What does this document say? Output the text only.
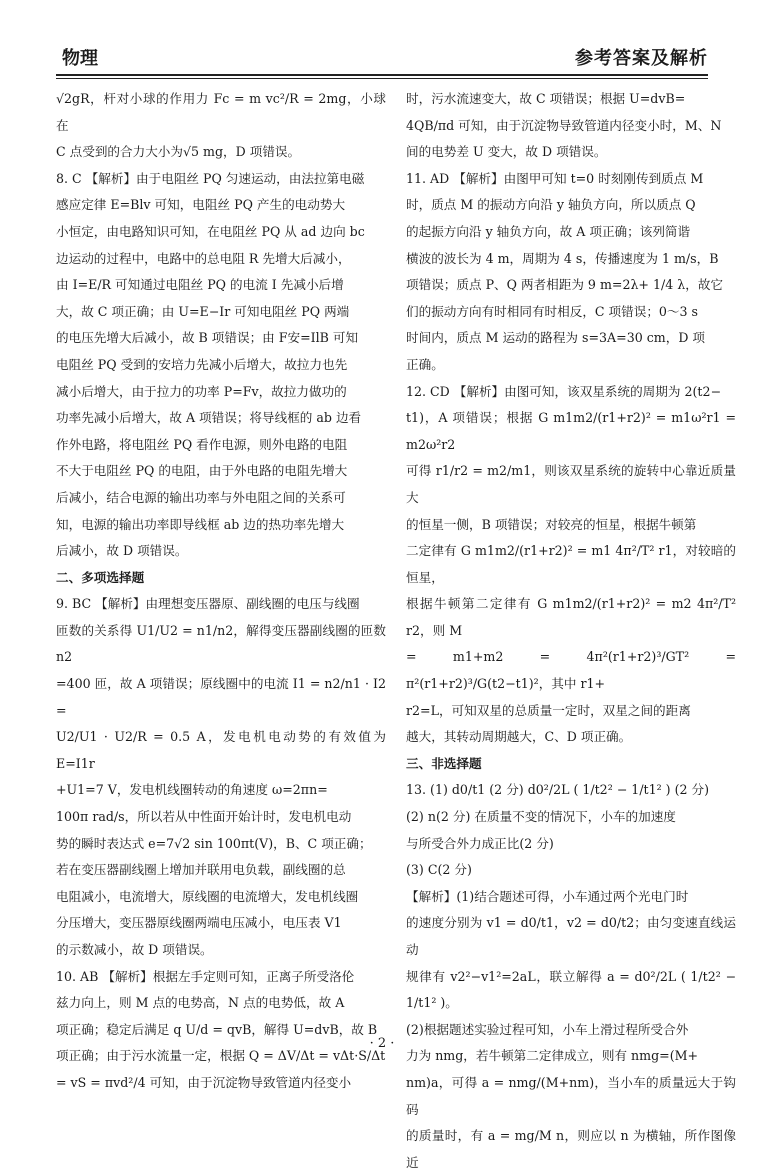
物理	参考答案及解析

√2gR，杆对小球的作用力 Fc = m vc²/R = 2mg，小球在

C 点受到的合力大小为√5 mg，D 项错误。

8. C 【解析】由于电阻丝 PQ 匀速运动，由法拉第电磁

感应定律 E=Blv 可知，电阻丝 PQ 产生的电动势大

小恒定，由电路知识可知，在电阻丝 PQ 从 ad 边向 bc

边运动的过程中，电路中的总电阻 R 先增大后减小，

由 I=E/R 可知通过电阻丝 PQ 的电流 I 先减小后增

大，故 C 项正确；由 U=E−Ir 可知电阻丝 PQ 两端

的电压先增大后减小，故 B 项错误；由 F安=IlB 可知

电阻丝 PQ 受到的安培力先减小后增大，故拉力也先

减小后增大，由于拉力的功率 P=Fv，故拉力做功的

功率先减小后增大，故 A 项错误；将导线框的 ab 边看

作外电路，将电阻丝 PQ 看作电源，则外电路的电阻

不大于电阻丝 PQ 的电阻，由于外电路的电阻先增大

后减小，结合电源的输出功率与外电阻之间的关系可

知，电源的输出功率即导线框 ab 边的热功率先增大

后减小，故 D 项错误。

二、多项选择题

9. BC 【解析】由理想变压器原、副线圈的电压与线圈

匝数的关系得 U1/U2 = n1/n2，解得变压器副线圈的匝数 n2

=400 匝，故 A 项错误；原线圈中的电流 I1 = n2/n1 · I2 =

U2/U1 · U2/R = 0.5 A，发电机电动势的有效值为 E=I1r

+U1=7 V，发电机线圈转动的角速度 ω=2πn=

100π rad/s，所以若从中性面开始计时，发电机电动

势的瞬时表达式 e=7√2 sin 100πt(V)，B、C 项正确；

若在变压器副线圈上增加并联用电负载，副线圈的总

电阻减小，电流增大，原线圈的电流增大，发电机线圈

分压增大，变压器原线圈两端电压减小，电压表 V1

的示数减小，故 D 项错误。

10. AB 【解析】根据左手定则可知，正离子所受洛伦

兹力向上，则 M 点的电势高，N 点的电势低，故 A

项正确；稳定后满足 q U/d = qvB，解得 U=dvB，故 B

项正确；由于污水流量一定，根据 Q = ΔV/Δt = vΔt·S/Δt

= vS = πvd²/4 可知，由于沉淀物导致管道内径变小

时，污水流速变大，故 C 项错误；根据 U=dvB=

4QB/πd 可知，由于沉淀物导致管道内径变小时，M、N

间的电势差 U 变大，故 D 项错误。

11. AD 【解析】由图甲可知 t=0 时刻刚传到质点 M

时，质点 M 的振动方向沿 y 轴负方向，所以质点 Q

的起振方向沿 y 轴负方向，故 A 项正确；该列简谐

横波的波长为 4 m，周期为 4 s，传播速度为 1 m/s，B

项错误；质点 P、Q 两者相距为 9 m=2λ+ 1/4 λ，故它

们的振动方向有时相同有时相反，C 项错误；0～3 s

时间内，质点 M 运动的路程为 s=3A=30 cm，D 项

正确。

12. CD 【解析】由图可知，该双星系统的周期为 2(t2−

t1)，A 项错误；根据 G m1m2/(r1+r2)² = m1ω²r1 = m2ω²r2

可得 r1/r2 = m2/m1，则该双星系统的旋转中心靠近质量大

的恒星一侧，B 项错误；对较亮的恒星，根据牛顿第

二定律有 G m1m2/(r1+r2)² = m1 4π²/T² r1，对较暗的恒星，

根据牛顿第二定律有 G m1m2/(r1+r2)² = m2 4π²/T² r2，则 M

= m1+m2 = 4π²(r1+r2)³/GT² = π²(r1+r2)³/G(t2−t1)²，其中 r1+

r2=L，可知双星的总质量一定时，双星之间的距离

越大，其转动周期越大，C、D 项正确。

三、非选择题

13. (1) d0/t1 (2 分) d0²/2L ( 1/t2² − 1/t1² ) (2 分)

(2) n(2 分) 在质量不变的情况下，小车的加速度

与所受合外力成正比(2 分)

(3) C(2 分)

【解析】(1)结合题述可得，小车通过两个光电门时

的速度分别为 v1 = d0/t1，v2 = d0/t2；由匀变速直线运动

规律有 v2²−v1²=2aL，联立解得 a = d0²/2L ( 1/t2² − 1/t1² )。

(2)根据题述实验过程可知，小车上滑过程所受合外

力为 nmg，若牛顿第二定律成立，则有 nmg=(M+

nm)a，可得 a = nmg/(M+nm)，当小车的质量远大于钩码

的质量时，有 a = mg/M n，则应以 n 为横轴，所作图像近

· 2 ·
